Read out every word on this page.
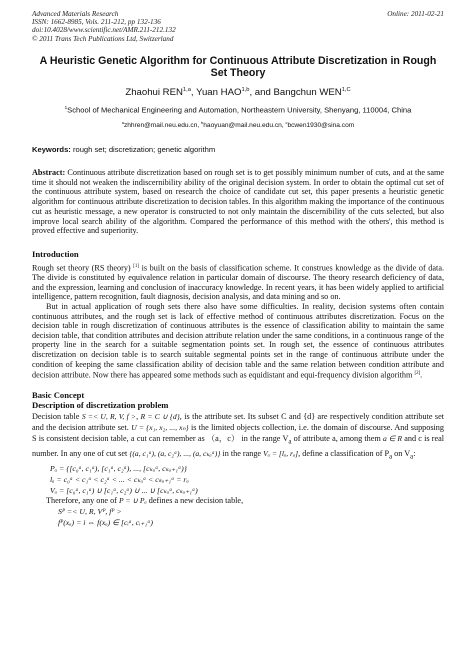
Advanced Materials Research
ISSN: 1662-8985, Vols. 211-212, pp 132-136
doi:10.4028/www.scientific.net/AMR.211-212.132
© 2011 Trans Tech Publications Ltd, Switzerland
Online: 2011-02-21
A Heuristic Genetic Algorithm for Continuous Attribute Discretization in Rough Set Theory
Zhaohui REN$^{1,a}$, Yuan HAO$^{1,b}$, and Bangchun $WEN^{1,C}$
$^1$School of Mechanical Engineering and Automation, Northeastern University, Shenyang, 110004, China
$^a$zhhren@mail.neu.edu.cn, $^b$haoyuan@mail.neu.edu.cn, $^c$bcwen1930@sina.com
Keywords: rough set; discretization; genetic algorithm
Abstract: Continuous attribute discretization based on rough set is to get possibly minimum number of cuts, and at the same time it should not weaken the indiscernibility ability of the original decision system. In order to obtain the optimal cut set of the continuous attribute system, based on research the choice of candidate cut set, this paper presents a heuristic genetic algorithm for continuous attribute discretization to decision tables. In this algorithm making the importance of the continuous cut as heuristic message, a new operator is constructed to not only maintain the discernibility of the cuts selected, but also improve local search ability of the algorithm. Compared the performance of this method with the others', this method is proved effective and superiority.
Introduction

Rough set theory (RS theory) [1] is built on the basis of classification scheme. It construes knowledge as the divide of data. The divide is constituted by equivalence relation in particular domain of discourse. The theory research deficiency of data, and the expression, learning and conclusion of inaccuracy knowledge. In recent years, it has been widely applied to artificial intelligence, pattern recognition, fault diagnosis, decision analysis, and data mining and so on.

But in actual application of rough sets there also have some difficulties. In reality, decision systems often contain continuous attributes, and the rough set is lack of effective method of continuous attributes discretization. Focus on the decision table in rough discretization of continuous attributes is the essence of classification ability to maintain the same decision table, that condition attributes and decision attribute relation under the same conditions, in a continuous range of the property line in the search for a suitable segmentation points set. In rough set, the essence of continuous attributes discretization on decision table is to search suitable segmental points set in the range of continuous attribute under the condition of keeping the same classification ability of decision table and the same relation between condition attribute and decision attribute. Now there has appeared some methods such as equidistant and equi-frequency division algorithm [2].

Basic Concept
Description of discretization problem

Decision table S =< U, R, V, f >, R = C ∪ {d}, is the attribute set. Its subset C and {d} are respectively condition attribute set and the decision attribute set. U = {x₁, x₂, ..., xₙ} is the limited objects collection, i.e. the domain of discourse. And supposing S is consistent decision table, a cut can remember as （a，c） in the range $V_a$ of attribute a, among them a ∈ R and c is real number. In any one of cut set {(a, c₁ᵃ), (a, c₂ᵃ), ..., (a, cₖₐᵃ)} in the range Vₐ = [lₐ, rₐ], define a classification of $P_a$ on $V_a$:

Pₐ = {[c₀ᵃ, c₁ᵃ), [c₁ᵃ, c₂ᵃ), ..., [cₖₐᵃ, cₖₐ₊₁ᵃ)}
lₐ = c₀ᵃ < c₁ᵃ < c₂ᵃ < ... < cₖₐᵃ < cₖₐ₊₁ᵃ = rₐ
Vₐ = [c₀ᵃ, c₁ᵃ) ∪ [c₁ᵃ, c₂ᵃ) ∪ ... ∪ [cₖₐᵃ, cₖₐ₊₁ᵃ)

Therefore, any one of P = ∪ Pₐ defines a new decision table,

Sᴾ =< U, R, Vᴾ, fᴾ >
fᴾ(xₐ) = i ⇔ f(xₐ) ∈ [cᵢᵃ, cᵢ₊₁ᵃ)
